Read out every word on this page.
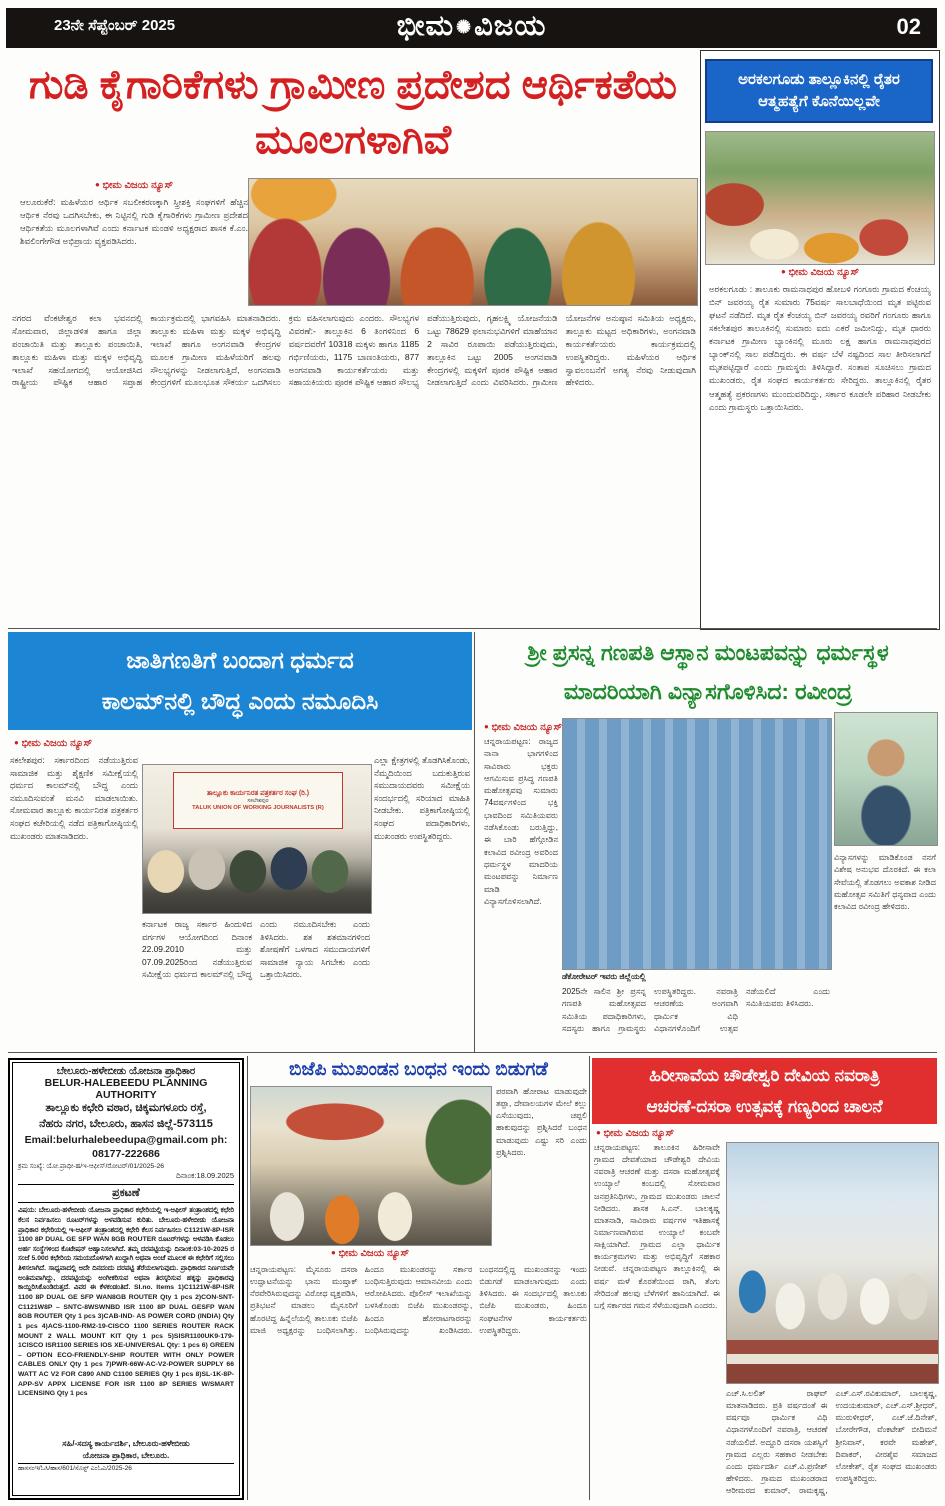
23ನೇ ಸೆಪ್ಟೆಂಬರ್ 2025	ಭೀಮ ✺ವಿಜಯ	02
ಗುಡಿ ಕೈಗಾರಿಕೆಗಳು ಗ್ರಾಮೀಣ ಪ್ರದೇಶದ ಆರ್ಥಿಕತೆಯ ಮೂಲಗಳಾಗಿವೆ
● ಭೀಮ ವಿಜಯ ನ್ಯೂಸ್
ಆಲೂರುಕೆರೆ: ಮಹಿಳೆಯರ ಆರ್ಥಿಕ ಸಬಲೀಕರಣಕ್ಕಾಗಿ ಸ್ತ್ರೀಶಕ್ತಿ ಸಂಘಗಳಿಗೆ ಹೆಚ್ಚಿನ ಆರ್ಥಿಕ ನೆರವು ಒದಗಿಸಬೇಕು, ಈ ನಿಟ್ಟಿನಲ್ಲಿ ಗುಡಿ ಕೈಗಾರಿಕೆಗಳು ಗ್ರಾಮೀಣ ಪ್ರದೇಶದ ಆರ್ಥಿಕತೆಯ ಮೂಲಗಳಾಗಿವೆ ಎಂದು ಕರ್ನಾಟಕ ಮಂಡಳಿ ಅಧ್ಯಕ್ಷರಾದ ಶಾಸಕ ಕೆ.ಎಂ. ಶಿವಲಿಂಗೇಗೌಡ ಅಭಿಪ್ರಾಯ ವ್ಯಕ್ತಪಡಿಸಿದರು.
ನಗರದ ವೆಂಕಟೇಶ್ವರ ಕಲಾ ಭವನದಲ್ಲಿ ಸೋಮವಾರ, ಜಿಲ್ಲಾಡಳಿತ ಹಾಗೂ ಜಿಲ್ಲಾ ಪಂಚಾಯಿತಿ ಮತ್ತು ತಾಲ್ಲೂಕು ಪಂಚಾಯಿತಿ, ತಾಲ್ಲೂಕು ಮಹಿಳಾ ಮತ್ತು ಮಕ್ಕಳ ಅಭಿವೃದ್ಧಿ ಇಲಾಖೆ ಸಹಯೋಗದಲ್ಲಿ ಆಯೋಜಿಸಿದ ರಾಷ್ಟ್ರೀಯ ಪೌಷ್ಟಿಕ ಆಹಾರ ಸಪ್ತಾಹ ಕಾರ್ಯಕ್ರಮದಲ್ಲಿ ಭಾಗವಹಿಸಿ ಮಾತನಾಡಿದರು. ತಾಲ್ಲೂಕು ಮಹಿಳಾ ಮತ್ತು ಮಕ್ಕಳ ಅಭಿವೃದ್ಧಿ ಇಲಾಖೆ ಹಾಗೂ ಅಂಗನವಾಡಿ ಕೇಂದ್ರಗಳ ಮೂಲಕ ಗ್ರಾಮೀಣ ಮಹಿಳೆಯರಿಗೆ ಹಲವು ಸೌಲಭ್ಯಗಳನ್ನು ನೀಡಲಾಗುತ್ತಿದೆ, ಅಂಗನವಾಡಿ ಕೇಂದ್ರಗಳಿಗೆ ಮೂಲಭೂತ ಸೌಕರ್ಯ ಒದಗಿಸಲು ಕ್ರಮ ವಹಿಸಲಾಗುವುದು ಎಂದರು. ಸೌಲಭ್ಯಗಳ ವಿವರಣೆ:- ತಾಲ್ಲೂಕಿನ 6 ತಿಂಗಳಿನಿಂದ 6 ವರ್ಷದವರೆಗೆ 10318 ಮಕ್ಕಳು ಹಾಗೂ 1185 ಗರ್ಭಿಣಿಯರು, 1175 ಬಾಣಂತಿಯರು, 877 ಅಂಗನವಾಡಿ ಕಾರ್ಯಕರ್ತೆಯರು ಮತ್ತು ಸಹಾಯಕಿಯರು ಪೂರಕ ಪೌಷ್ಟಿಕ ಆಹಾರ ಸೌಲಭ್ಯ ಪಡೆಯುತ್ತಿರುವುದು, ಗೃಹಲಕ್ಷ್ಮಿ ಯೋಜನೆಯಡಿ ಒಟ್ಟು 78629 ಫಲಾನುಭವಿಗಳಿಗೆ ಮಾಹೆಯಾನ 2 ಸಾವಿರ ರೂಪಾಯಿ ಪಡೆಯುತ್ತಿರುವುದು, ತಾಲ್ಲೂಕಿನ ಒಟ್ಟು 2005 ಅಂಗನವಾಡಿ ಕೇಂದ್ರಗಳಲ್ಲಿ ಮಕ್ಕಳಿಗೆ ಪೂರಕ ಪೌಷ್ಟಿಕ ಆಹಾರ ನೀಡಲಾಗುತ್ತಿದೆ ಎಂದು ವಿವರಿಸಿದರು. ಗ್ರಾಮೀಣ ಯೋಜನೆಗಳ ಅನುಷ್ಠಾನ ಸಮಿತಿಯ ಅಧ್ಯಕ್ಷರು, ತಾಲ್ಲೂಕು ಮಟ್ಟದ ಅಧಿಕಾರಿಗಳು, ಅಂಗನವಾಡಿ ಕಾರ್ಯಕರ್ತೆಯರು ಕಾರ್ಯಕ್ರಮದಲ್ಲಿ ಉಪಸ್ಥಿತರಿದ್ದರು. ಮಹಿಳೆಯರ ಆರ್ಥಿಕ ಸ್ವಾವಲಂಬನೆಗೆ ಅಗತ್ಯ ನೆರವು ನೀಡುವುದಾಗಿ ಹೇಳಿದರು.
ಅರಕಲಗೂಡು ತಾಲ್ಲೂಕಿನಲ್ಲಿ ರೈತರ
ಆತ್ಮಹತ್ಯೆಗೆ ಕೊನೆಯಿಲ್ಲವೇ
● ಭೀಮ ವಿಜಯ ನ್ಯೂಸ್
ಅರಕಲಗೂಡು : ತಾಲೂಕು ರಾಮನಾಥಪುರ ಹೋಬಳಿ ಗಂಗೂರು ಗ್ರಾಮದ ಕೆಂಚಯ್ಯ ಬಿನ್ ಜವರಯ್ಯ ರೈತ ಸುಮಾರು 75ವರ್ಷ ಸಾಲಬಾಧೆಯಿಂದ ಮೃತ ಪಟ್ಟಿರುವ ಘಟನೆ ನಡೆದಿದೆ. ಮೃತ ರೈತ ಕೆಂಚಯ್ಯ ಬಿನ್ ಜವರಯ್ಯ ರವರಿಗೆ ಗಂಗೂರು ಹಾಗೂ ಸಕಲೇಶಪುರ ತಾಲೂಕಿನಲ್ಲಿ ಸುಮಾರು ಐದು ಎಕರೆ ಜಮೀನಿದ್ದು, ಮೃತ ಧಾರರು ಕರ್ನಾಟಕ ಗ್ರಾಮೀಣ ಬ್ಯಾಂಕಿನಲ್ಲಿ ಮೂರು ಲಕ್ಷ ಹಾಗೂ ರಾಮನಾಥಪುರದ ಬ್ಯಾಂಕ್‌ನಲ್ಲಿ ಸಾಲ ಪಡೆದಿದ್ದರು. ಈ ವರ್ಷ ಬೆಳೆ ನಷ್ಟದಿಂದ ಸಾಲ ತೀರಿಸಲಾಗದೆ ಮೃತಪಟ್ಟಿದ್ದಾರೆ ಎಂದು ಗ್ರಾಮಸ್ಥರು ತಿಳಿಸಿದ್ದಾರೆ. ಸಂತಾಪ ಸೂಚಿಸಲು ಗ್ರಾಮದ ಮುಖಂಡರು, ರೈತ ಸಂಘದ ಕಾರ್ಯಕರ್ತರು ಸೇರಿದ್ದರು. ತಾಲ್ಲೂಕಿನಲ್ಲಿ ರೈತರ ಆತ್ಮಹತ್ಯೆ ಪ್ರಕರಣಗಳು ಮುಂದುವರಿದಿದ್ದು, ಸರ್ಕಾರ ಕೂಡಲೇ ಪರಿಹಾರ ನೀಡಬೇಕು ಎಂದು ಗ್ರಾಮಸ್ಥರು ಒತ್ತಾಯಿಸಿದರು.
ಜಾತಿಗಣತಿಗೆ ಬಂದಾಗ ಧರ್ಮದ
ಕಾಲಮ್‌ನಲ್ಲಿ ಬೌದ್ಧ ಎಂದು ನಮೂದಿಸಿ
● ಭೀಮ ವಿಜಯ ನ್ಯೂಸ್
ಸಕಲೇಶಪುರ: ಸರ್ಕಾರದಿಂದ ನಡೆಯುತ್ತಿರುವ ಸಾಮಾಜಿಕ ಮತ್ತು ಶೈಕ್ಷಣಿಕ ಸಮೀಕ್ಷೆಯಲ್ಲಿ ಧರ್ಮದ ಕಾಲಮ್‌ನಲ್ಲಿ ಬೌದ್ಧ ಎಂದು ನಮೂದಿಸುವಂತೆ ಮನವಿ ಮಾಡಲಾಯಿತು. ಸೋಮವಾರ ತಾಲ್ಲೂಕು ಕಾರ್ಯನಿರತ ಪತ್ರಕರ್ತರ ಸಂಘದ ಕಚೇರಿಯಲ್ಲಿ ನಡೆದ ಪತ್ರಿಕಾಗೋಷ್ಠಿಯಲ್ಲಿ ಮುಖಂಡರು ಮಾತನಾಡಿದರು.
ತಾಲ್ಲೂಕು ಕಾರ್ಯನಿರತ ಪತ್ರಕರ್ತರ ಸಂಘ (ರಿ.)
ಸಕಲೇಶಪುರ
TALUK UNION OF WORKING JOURNALISTS (R)
ಎಲ್ಲಾ ಕ್ಷೇತ್ರಗಳಲ್ಲಿ ತೊಡಗಿಸಿಕೊಂಡು, ನೆಮ್ಮದಿಯಿಂದ ಬದುಕುತ್ತಿರುವ ಸಮುದಾಯದವರು ಸಮೀಕ್ಷೆಯ ಸಂದರ್ಭದಲ್ಲಿ ಸರಿಯಾದ ಮಾಹಿತಿ ನೀಡಬೇಕು. ಪತ್ರಿಕಾಗೋಷ್ಠಿಯಲ್ಲಿ ಸಂಘದ ಪದಾಧಿಕಾರಿಗಳು, ಮುಖಂಡರು ಉಪಸ್ಥಿತರಿದ್ದರು.
ಕರ್ನಾಟಕ ರಾಜ್ಯ ಸರ್ಕಾರ ಹಿಂದುಳಿದ ವರ್ಗಗಳ ಆಯೋಗದಿಂದ ದಿನಾಂಕ 22.09.2010 ಮತ್ತು 07.09.2025ರಿಂದ ನಡೆಯುತ್ತಿರುವ ಸಮೀಕ್ಷೆಯ ಧರ್ಮದ ಕಾಲಮ್‌ನಲ್ಲಿ ಬೌದ್ಧ ಎಂದು ನಮೂದಿಸಬೇಕು ಎಂದು ತಿಳಿಸಿದರು. ಶತ ಶತಮಾನಗಳಿಂದ ಶೋಷಣೆಗೆ ಒಳಗಾದ ಸಮುದಾಯಗಳಿಗೆ ಸಾಮಾಜಿಕ ನ್ಯಾಯ ಸಿಗಬೇಕು ಎಂದು ಒತ್ತಾಯಿಸಿದರು.
ಶ್ರೀ ಪ್ರಸನ್ನ ಗಣಪತಿ ಆಸ್ಥಾನ ಮಂಟಪವನ್ನು ಧರ್ಮಸ್ಥಳ
ಮಾದರಿಯಾಗಿ ವಿನ್ಯಾಸಗೊಳಿಸಿದ: ರವೀಂದ್ರ
● ಭೀಮ ವಿಜಯ ನ್ಯೂಸ್
ಚನ್ನರಾಯಪಟ್ಟಣ: ರಾಜ್ಯದ ನಾನಾ ಭಾಗಗಳಿಂದ ಸಾವಿರಾರು ಭಕ್ತರು ಆಗಮಿಸುವ ಪ್ರಸಿದ್ಧ ಗಣಪತಿ ಮಹೋತ್ಸವವು ಸುಮಾರು 74ವರ್ಷಗಳಿಂದ ಭಕ್ತಿ ಭಾವದಿಂದ ಸಮಿತಿಯವರು ನಡೆಸಿಕೊಂಡು ಬರುತ್ತಿದ್ದು, ಈ ಬಾರಿ ಹೆಗ್ಗೋಡಿನ ಕಲಾವಿದ ರವೀಂದ್ರ ಅವರಿಂದ ಧರ್ಮಸ್ಥಳ ಮಾದರಿಯ ಮಂಟಪವನ್ನು ನಿರ್ಮಾಣ ಮಾಡಿ ವಿನ್ಯಾಸಗೊಳಿಸಲಾಗಿದೆ.
ವಿನ್ಯಾಸಗಳನ್ನು ಮಾಡಿಕೊಂಡ ನನಗೆ ವಿಶೇಷ ಅನುಭವ ದೊರಕಿದೆ. ಈ ಕಲಾ ಸೇವೆಯಲ್ಲಿ ತೊಡಗಲು ಅವಕಾಶ ನೀಡಿದ ಮಹೋತ್ಸವ ಸಮಿತಿಗೆ ಧನ್ಯವಾದ ಎಂದು ಕಲಾವಿದ ರವೀಂದ್ರ ಹೇಳಿದರು.
ಡೆಕೋರೇಟರ್ ಇವರು ಜಿಲ್ಲೆಯಲ್ಲಿ
2025ನೇ ಸಾಲಿನ ಶ್ರೀ ಪ್ರಸನ್ನ ಗಣಪತಿ ಮಹೋತ್ಸವದ ಸಮಿತಿಯ ಪದಾಧಿಕಾರಿಗಳು, ಸದಸ್ಯರು ಹಾಗೂ ಗ್ರಾಮಸ್ಥರು ಉಪಸ್ಥಿತರಿದ್ದರು. ನವರಾತ್ರಿ ಆಚರಣೆಯ ಅಂಗವಾಗಿ ಧಾರ್ಮಿಕ ವಿಧಿ ವಿಧಾನಗಳೊಂದಿಗೆ ಉತ್ಸವ ನಡೆಯಲಿದೆ ಎಂದು ಸಮಿತಿಯವರು ತಿಳಿಸಿದರು.
ಬೇಲೂರು-ಹಳೇಬೀಡು ಯೋಜನಾ ಪ್ರಾಧಿಕಾರ
BELUR-HALEBEEDU PLANNING AUTHORITY
ತಾಲ್ಲೂಕು ಕಛೇರಿ ವಠಾರ, ಚಿಕ್ಕಮಗಳೂರು ರಸ್ತೆ,
ನೆಹರು ನಗರ, ಬೇಲೂರು, ಹಾಸನ ಜಿಲ್ಲೆ-573115
Email:belurhalebeedupa@gmail.com ph: 08177-222686
ಕ್ರಮ ಸಂಖ್ಯೆ: ಯೋ.ಪ್ರಾಧೀ-ಹ/ಇ-ಆಫೀಸ್/ರೋಟರ್/01/2025-26
ದಿನಾಂಕ:18.09.2025
ಪ್ರಕಟಣೆ
ವಿಷಯ: ಬೇಲೂರು-ಹಳೇಬೀಡು ಯೋಜನಾ ಪ್ರಾಧಿಕಾರ ಕಛೇರಿಯಲ್ಲಿ ಇ-ಆಫೀಸ್ ತಂತ್ರಾಂಶದಲ್ಲಿ ಕಛೇರಿ ಕೆಲಸ ನಿರ್ವಹಿಸಲು ರೂಟರ್‌ಗಳನ್ನು ಅಳವಡಿಸುವ ಕುರಿತು. ಬೇಲೂರು-ಹಳೇಬೀಡು ಯೋಜನಾ ಪ್ರಾಧಿಕಾರ ಕಛೇರಿಯಲ್ಲಿ ಇ-ಆಫೀಸ್ ತಂತ್ರಾಂಶದಲ್ಲಿ ಕಛೇರಿ ಕೆಲಸ ನಿರ್ವಹಿಸಲು C1121W-8P-ISR 1100 8P DUAL GE SFP WAN 8GB ROUTER ರೂಟರ್‌ಗಳನ್ನು ಅಳವಡಿಸಿ ಕೊಡಲು ಅರ್ಹ ಸಂಸ್ಥೆಗಳಿಂದ ಕೊಟೇಷನ್ ಆಹ್ವಾನಿಸಲಾಗಿದೆ. ತಮ್ಮ ದರಪಟ್ಟಿಯನ್ನು ದಿನಾಂಕ:03-10-2025 ರ ಸಂಜೆ 5.00ರ ಕಛೇರಿಯ ಸಮಯದೊಳಗಾಗಿ ಖುದ್ದಾಗಿ ಅಥವಾ ಅಂಚೆ ಮೂಲಕ ಈ ಕಛೇರಿಗೆ ಸಲ್ಲಿಸಲು ತಿಳಿಸಲಾಗಿದೆ. ಸಾಧ್ಯವಾದಲ್ಲಿ ಅದೇ ದಿನದಂದು ದರಪಟ್ಟಿ ತೆರೆಯಲಾಗುವುದು. ಪ್ರಾಧಿಕಾರದ ನಿರ್ಣಯವೇ ಅಂತಿಮವಾಗಿದ್ದು, ದರಪಟ್ಟಿಯನ್ನು ಅಂಗೀಕರಿಸುವ ಅಥವಾ ತಿರಸ್ಕರಿಸುವ ಹಕ್ಕನ್ನು ಪ್ರಾಧಿಕಾರವು ಕಾಯ್ದಿರಿಸಿಕೊಂಡಿರುತ್ತದೆ. ವಿವರ ಈ ಕೆಳಕಂಡಂತಿದೆ. SI.no. Items 1)C1121W-8P-ISR 1100 8P DUAL GE SFP WAN8GB ROUTER Qty 1 pcs 2)CON-SNT-C1121W8P – SNTC-8WSWNBD ISR 1100 8P DUAL GESFP WAN 8GB ROUTER Qty 1 pcs 3)CAB-IND- AS POWER CORD (INDIA) Qty 1 pcs 4)ACS-1100-RM2-19-CISCO 1100 SERIES ROUTER RACK MOUNT 2 WALL MOUNT KIT Qty 1 pcs 5)SISR1100UK9-179-1CISCO ISR1100 SERIES IOS XE-UNIVERSAL Qty: 1 pcs 6) GREEN – OPTION ECO-FRIENDLY-SHIP ROUTER WITH ONLY POWER CABLES ONLY Qty 1 pcs 7)PWR-66W-AC-V2-POWER SUPPLY 66 WATT AC V2 FOR C890 AND C1100 SERIES Qty 1 pcs 8)SL-1K-8P-APP-SV APPX LICENSE FOR ISR 1100 8P SERIES W/SMART LICENSING Qty 1 pcs
ಸಹಿ/-ಸದಸ್ಯ ಕಾರ್ಯದರ್ಶಿ, ಬೇಲೂರು-ಹಳೇಬೀಡು
ಯೋಜನಾ ಪ್ರಾಧಿಕಾರ, ಬೇಲೂರು.
ಹಾಸಸಂಇ/ಓಸಿ/ಹಾಸ/601/ಸೊಸ್ಟ್ ಎಂಓಎ/2025-26
ಬಿಜೆಪಿ ಮುಖಂಡನ ಬಂಧನ ಇಂದು ಬಿಡುಗಡೆ
ಪರವಾಗಿ ಹೋರಾಟ ಮಾಡುವುದೇ ತಪ್ಪಾ, ದೇವಾಲಯಗಳ ಮೇಲೆ ಕಲ್ಲು ಎಸೆಯುವುದು, ಚಪ್ಪಲಿ ಹಾಕುವುದನ್ನು ಪ್ರಶ್ನಿಸಿದರೆ ಬಂಧನ ಮಾಡುವುದು ಎಷ್ಟು ಸರಿ ಎಂದು ಪ್ರಶ್ನಿಸಿದರು.
● ಭೀಮ ವಿಜಯ ನ್ಯೂಸ್
ಚನ್ನರಾಯಪಟ್ಟಣ: ಮೈಸೂರು ದಸರಾ ಉದ್ಘಾಟನೆಯನ್ನು ಭಾನು ಮುಷ್ತಾಕ್ ನೆರವೇರಿಸಿರುವುದನ್ನು ವಿರೋಧ ವ್ಯಕ್ತಪಡಿಸಿ, ಪ್ರತಿಭಟನೆ ಮಾಡಲು ಮೈಸೂರಿಗೆ ಹೊರಟಿದ್ದ ಹಿನ್ನೆಲೆಯಲ್ಲಿ ತಾಲೂಕು ಬಿಜೆಪಿ ಮಾಜಿ ಅಧ್ಯಕ್ಷರನ್ನು ಬಂಧಿಸಲಾಗಿತ್ತು. ಹಿಂದೂ ಮುಖಂಡರನ್ನು ಸರ್ಕಾರ ಬಂಧಿಸುತ್ತಿರುವುದು ಆಮಾನವೀಯ ಎಂದು ಆರೋಪಿಸಿದರು. ಪೊಲೀಸ್ ಇಲಾಖೆಯನ್ನು ಬಳಸಿಕೊಂಡು ಬಿಜೆಪಿ ಮುಖಂಡರನ್ನು, ಹಿಂದೂ ಹೋರಾಟಗಾರರನ್ನು ಬಂಧಿಸಿರುವುದನ್ನು ಖಂಡಿಸಿದರು. ಬಂಧನದಲ್ಲಿದ್ದ ಮುಖಂಡನನ್ನು ಇಂದು ಬಿಡುಗಡೆ ಮಾಡಲಾಗುವುದು ಎಂದು ತಿಳಿಸಿದರು. ಈ ಸಂದರ್ಭದಲ್ಲಿ ತಾಲೂಕು ಬಿಜೆಪಿ ಮುಖಂಡರು, ಹಿಂದೂ ಸಂಘಟನೆಗಳ ಕಾರ್ಯಕರ್ತರು ಉಪಸ್ಥಿತರಿದ್ದರು.
ಹಿರೀಸಾವೆಯ ಚೌಡೇಶ್ವರಿ ದೇವಿಯ ನವರಾತ್ರಿ
ಆಚರಣೆ-ದಸರಾ ಉತ್ಸವಕ್ಕೆ ಗಣ್ಯರಿಂದ ಚಾಲನೆ
● ಭೀಮ ವಿಜಯ ನ್ಯೂಸ್
ಚನ್ನರಾಯಪಟ್ಟಣ: ತಾಲೂಕಿನ ಹಿರೀಸಾವೇ ಗ್ರಾಮದ ದೇವತೆಯಾದ ಚೌಡೇಶ್ವರಿ ದೇವಿಯ ನವರಾತ್ರಿ ಆಚರಣೆ ಮತ್ತು ದಸರಾ ಮಹೋತ್ಸವಕ್ಕೆ ಉಯ್ಯಾಲೆ ಕಂಬದಲ್ಲಿ ಸೋಮವಾರ ಜನಪ್ರತಿನಿಧಿಗಳು, ಗ್ರಾಮದ ಮುಖಂಡರು ಚಾಲನೆ ನೀಡಿದರು. ಶಾಸಕ ಸಿ.ಎನ್. ಬಾಲಕೃಷ್ಣ ಮಾತನಾಡಿ, ಸಾವಿರಾರು ವರ್ಷಗಳ ಇತಿಹಾಸಕ್ಕೆ ನಿರ್ಮಾಣವಾಗಿರುವ ಉಯ್ಯಾಲೆ ಕಂಬವೇ ಸಾಕ್ಷಿಯಾಗಿದೆ. ಗ್ರಾಮದ ಎಲ್ಲಾ ಧಾರ್ಮಿಕ ಕಾರ್ಯಕ್ರಮಗಳು ಮತ್ತು ಅಭಿವೃದ್ಧಿಗೆ ಸಹಕಾರ ನೀಡುವೆ. ಚನ್ನರಾಯಪಟ್ಟಣ ತಾಲ್ಲೂಕಿನಲ್ಲಿ ಈ ವರ್ಷ ಮಳೆ ಕೊರತೆಯಿಂದ ರಾಗಿ, ತೆಂಗು ಸೇರಿದಂತೆ ಹಲವು ಬೆಳೆಗಳಿಗೆ ಹಾನಿಯಾಗಿದೆ. ಈ ಬಗ್ಗೆ ಸರ್ಕಾರದ ಗಮನ ಸೆಳೆಯುವುದಾಗಿ ಎಂದರು.
ಎಚ್.ಸಿ.ಲಲಿತ್ ರಾಘವ್ ಮಾತನಾಡಿದರು. ಪ್ರತಿ ವರ್ಷದಂತೆ ಈ ವರ್ಷವೂ ಧಾರ್ಮಿಕ ವಿಧಿ ವಿಧಾನಗಳೊಂದಿಗೆ ನವರಾತ್ರಿ, ಆಚರಣೆ ನಡೆಯಲಿದೆ. ಅದ್ದೂರಿ ದಸರಾ ಯಶಸ್ವಿಗೆ ಗ್ರಾಮದ ಎಲ್ಲರು ಸಹಕಾರ ನೀಡಬೇಕು ಎಂದು ಧರ್ಮದರ್ಶಿ ಎಚ್.ವಿ.ಪ್ರಣೀಶ್ ಹೇಳಿದರು. ಗ್ರಾಮದ ಮುಖಂಡರಾದ ಆರೀಮರದ ಕುಮಾರ್, ರಾಮಕೃಷ್ಣ, ಎಚ್.ಎಸ್.ರವಿಕುಮಾರ್, ಬಾಲಕೃಷ್ಣ, ಉದಯಕುಮಾರ್, ಎಚ್.ಎಸ್.ಶ್ರೀಧರ್, ಮುರುಳೀಧರ್, ಎಚ್.ಜೆ.ದಿನೇಶ್, ಬೋರೇಗೌಡ, ವೆಂಕಟೇಶ್ ಬೀದಿಮನೆ ಶ್ರೀನಿವಾಸ್, ಕರವೇ ಮಹೇಶ್, ದಿವಾಕರ್, ವೀರಶೈವ ಸಮಾಜದ ಲೋಕೇಶ್, ರೈತ ಸಂಘದ ಮುಖಂಡರು ಉಪಸ್ಥಿತರಿದ್ದರು.
